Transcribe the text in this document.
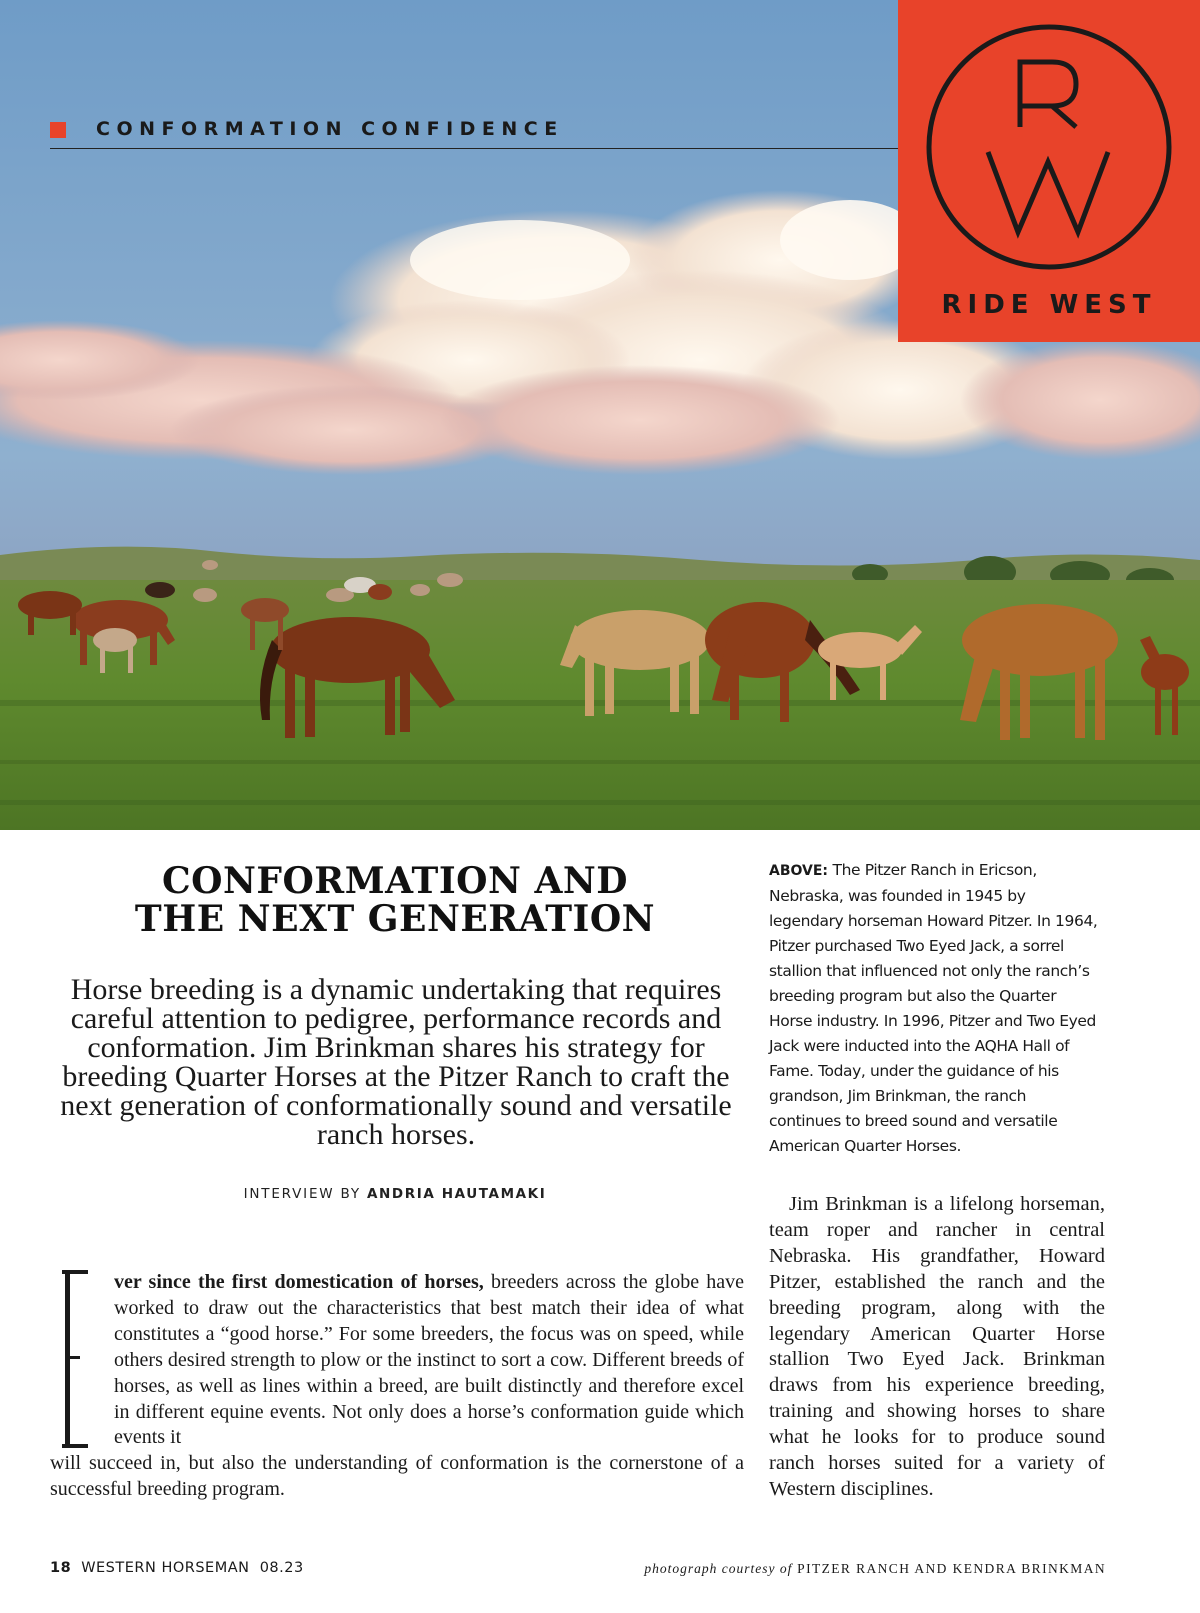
CONFORMATION CONFIDENCE
RIDE WEST
CONFORMATION AND
THE NEXT GENERATION
Horse breeding is a dynamic undertaking that requires careful attention to pedigree, performance records and conformation. Jim Brinkman shares his strategy for breeding Quarter Horses at the Pitzer Ranch to craft the next generation of conformationally sound and versatile ranch horses.
INTERVIEW BY ANDRIA HAUTAMAKI
ver since the first domestication of horses, breeders across the globe have worked to draw out the characteristics that best match their idea of what constitutes a “good horse.” For some breeders, the focus was on speed, while others desired strength to plow or the instinct to sort a cow. Different breeds of horses, as well as lines within a breed, are built distinctly and therefore excel in different equine events. Not only does a horse’s conformation guide which events it
will succeed in, but also the understanding of conformation is the cornerstone of a successful breeding program.
ABOVE: The Pitzer Ranch in Ericson, Nebraska, was founded in 1945 by legendary horseman Howard Pitzer. In 1964, Pitzer purchased Two Eyed Jack, a sorrel stallion that influenced not only the ranch’s breeding program but also the Quarter Horse industry. In 1996, Pitzer and Two Eyed Jack were inducted into the AQHA Hall of Fame. Today, under the guidance of his grandson, Jim Brinkman, the ranch continues to breed sound and versatile American Quarter Horses.
Jim Brinkman is a lifelong horseman, team roper and rancher in central Nebraska. His grandfather, Howard Pitzer, established the ranch and the breeding program, along with the legendary American Quarter Horse stallion Two Eyed Jack. Brinkman draws from his experience breeding, training and showing horses to share what he looks for to produce sound ranch horses suited for a variety of Western disciplines.
18 WESTERN HORSEMAN 08.23	photograph courtesy of PITZER RANCH AND KENDRA BRINKMAN
